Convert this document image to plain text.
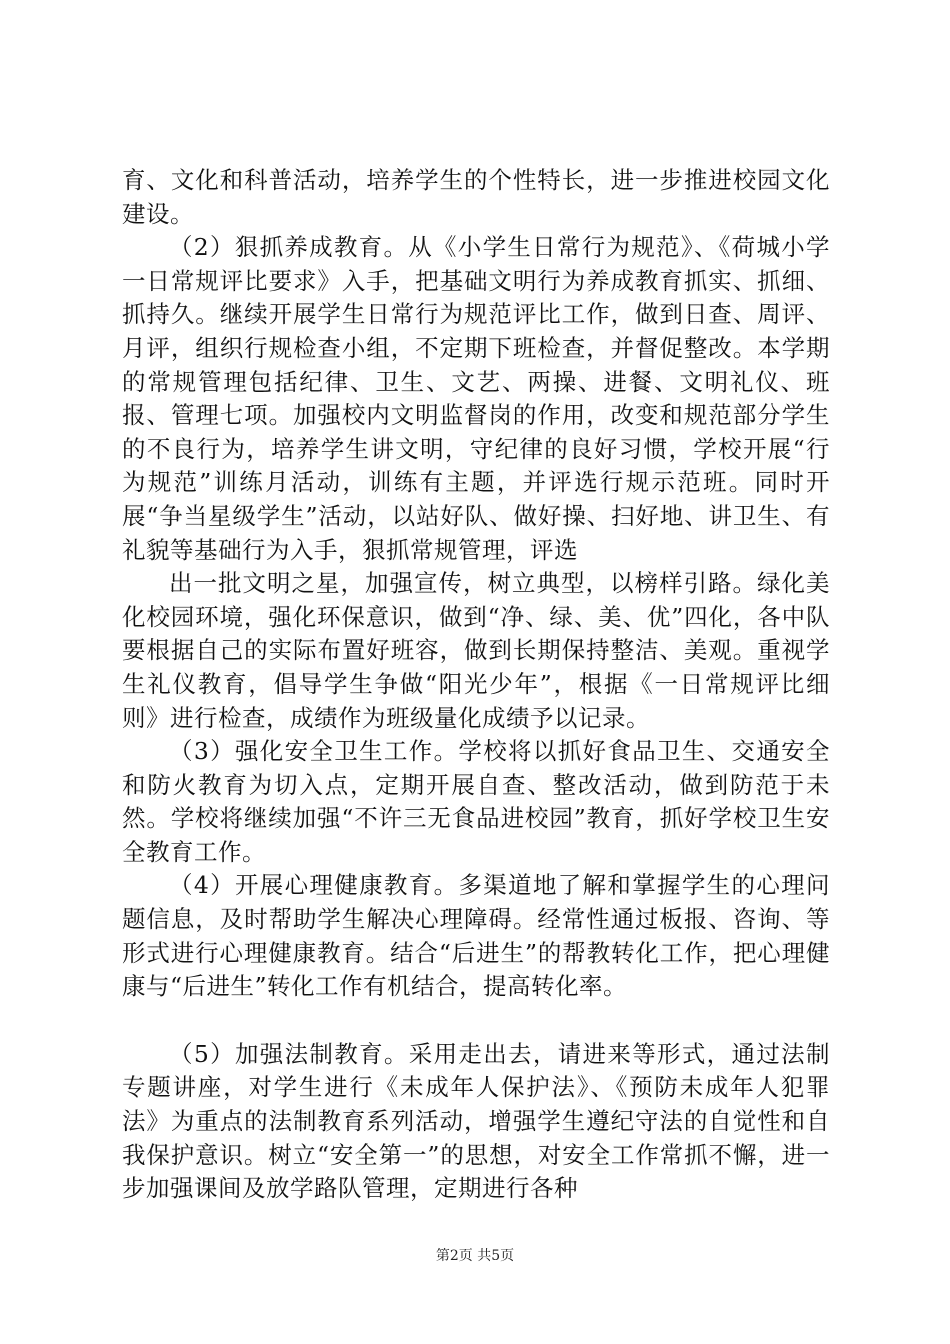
育、文化和科普活动，培养学生的个性特长，进一步推进校园文化建设。

（2）狠抓养成教育。从《小学生日常行为规范》、《荷城小学一日常规评比要求》入手，把基础文明行为养成教育抓实、抓细、抓持久。继续开展学生日常行为规范评比工作，做到日查、周评、月评，组织行规检查小组，不定期下班检查，并督促整改。本学期的常规管理包括纪律、卫生、文艺、两操、进餐、文明礼仪、班报、管理七项。加强校内文明监督岗的作用，改变和规范部分学生的不良行为，培养学生讲文明，守纪律的良好习惯，学校开展“行为规范”训练月活动，训练有主题，并评选行规示范班。同时开展“争当星级学生”活动，以站好队、做好操、扫好地、讲卫生、有礼貌等基础行为入手，狠抓常规管理，评选

出一批文明之星，加强宣传，树立典型，以榜样引路。绿化美化校园环境，强化环保意识，做到“净、绿、美、优”四化，各中队要根据自己的实际布置好班容，做到长期保持整洁、美观。重视学生礼仪教育，倡导学生争做“阳光少年”，根据《一日常规评比细则》进行检查，成绩作为班级量化成绩予以记录。

（3）强化安全卫生工作。学校将以抓好食品卫生、交通安全和防火教育为切入点，定期开展自查、整改活动，做到防范于未然。学校将继续加强“不许三无食品进校园”教育，抓好学校卫生安全教育工作。

（4）开展心理健康教育。多渠道地了解和掌握学生的心理问题信息，及时帮助学生解决心理障碍。经常性通过板报、咨询、等形式进行心理健康教育。结合“后进生”的帮教转化工作，把心理健康与“后进生”转化工作有机结合，提高转化率。

（5）加强法制教育。采用走出去，请进来等形式，通过法制专题讲座，对学生进行《未成年人保护法》、《预防未成年人犯罪法》为重点的法制教育系列活动，增强学生遵纪守法的自觉性和自我保护意识。树立“安全第一”的思想，对安全工作常抓不懈，进一步加强课间及放学路队管理，定期进行各种

第2页 共5页
